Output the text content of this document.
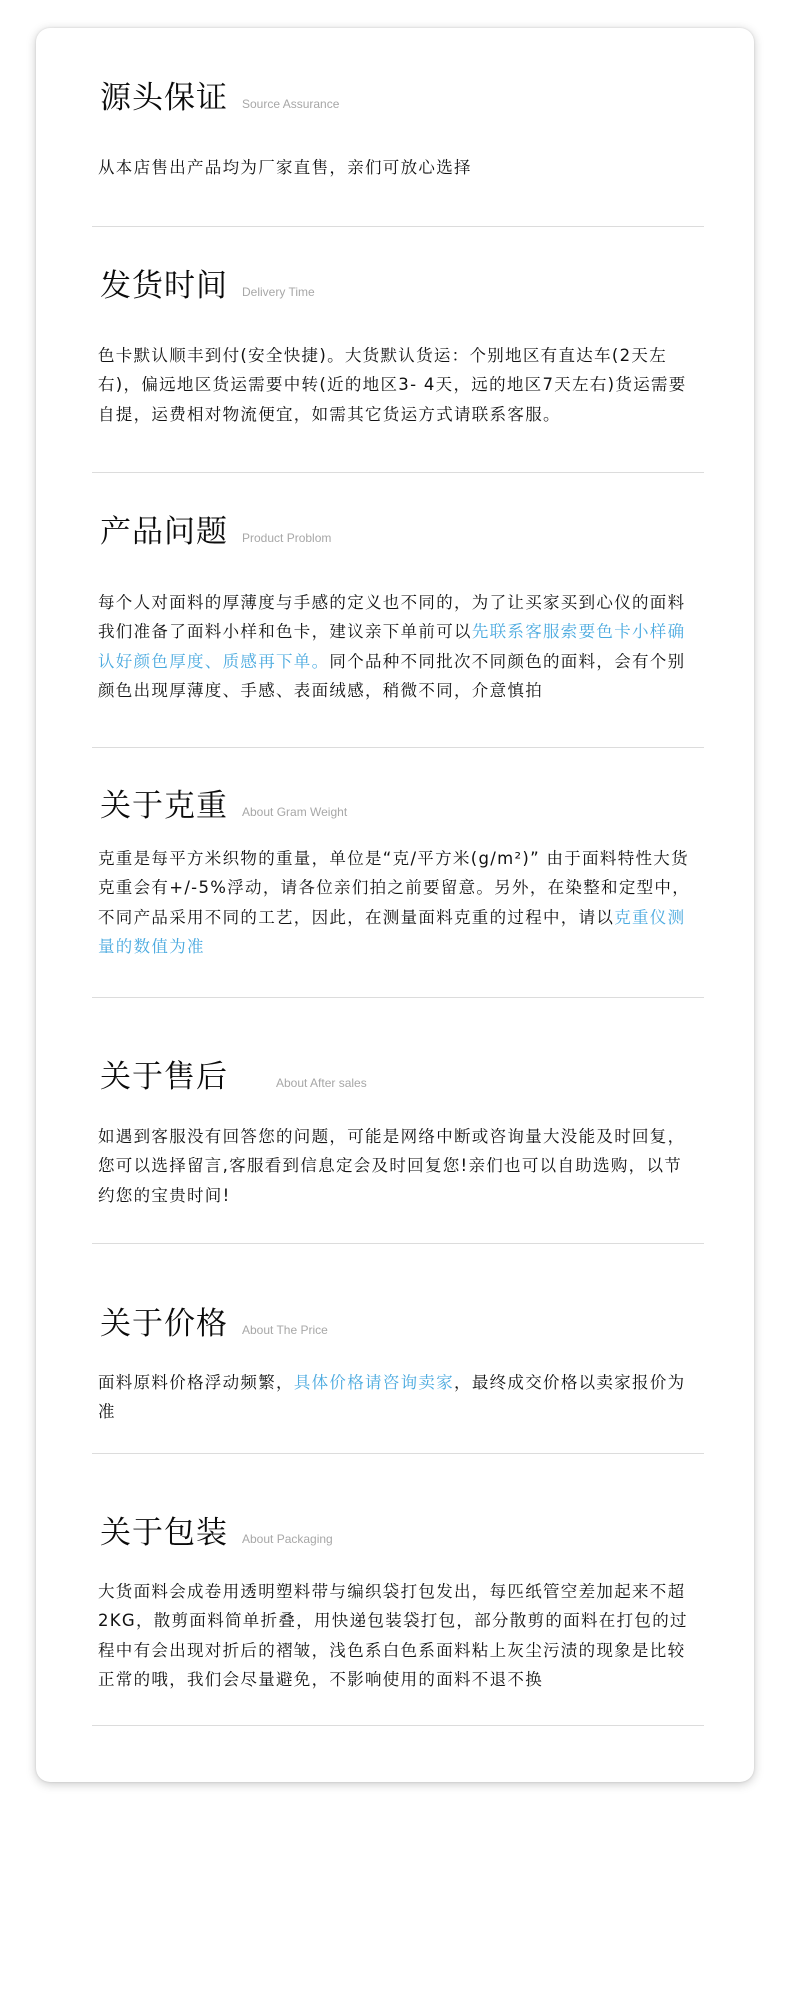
源头保证 Source Assurance

从本店售出产品均为厂家直售，亲们可放心选择

发货时间 Delivery Time

色卡默认顺丰到付(安全快捷)。大货默认货运：个别地区有直达车(2天左右)，偏远地区货运需要中转(近的地区3- 4天，远的地区7天左右)货运需要自提，运费相对物流便宜，如需其它货运方式请联系客服。

产品问题 Product Problom

每个人对面料的厚薄度与手感的定义也不同的，为了让买家买到心仪的面料我们准备了面料小样和色卡，建议亲下单前可以先联系客服索要色卡小样确认好颜色厚度、质感再下单。同个品种不同批次不同颜色的面料，会有个别颜色出现厚薄度、手感、表面绒感，稍微不同，介意慎拍

关于克重 About Gram Weight

克重是每平方米织物的重量，单位是“克/平方米(g/m²)” 由于面料特性大货克重会有+/-5%浮动，请各位亲们拍之前要留意。另外，在染整和定型中，不同产品采用不同的工艺，因此，在测量面料克重的过程中，请以克重仪测量的数值为准

关于售后	About After sales

如遇到客服没有回答您的问题，可能是网络中断或咨询量大没能及时回复，您可以选择留言,客服看到信息定会及时回复您!亲们也可以自助选购，以节约您的宝贵时间!

关于价格 About The Price

面料原料价格浮动频繁，具体价格请咨询卖家，最终成交价格以卖家报价为准

关于包装 About Packaging

大货面料会成卷用透明塑料带与编织袋打包发出，每匹纸管空差加起来不超2KG，散剪面料简单折叠，用快递包装袋打包，部分散剪的面料在打包的过程中有会出现对折后的褶皱，浅色系白色系面料粘上灰尘污渍的现象是比较正常的哦，我们会尽量避免，不影响使用的面料不退不换
